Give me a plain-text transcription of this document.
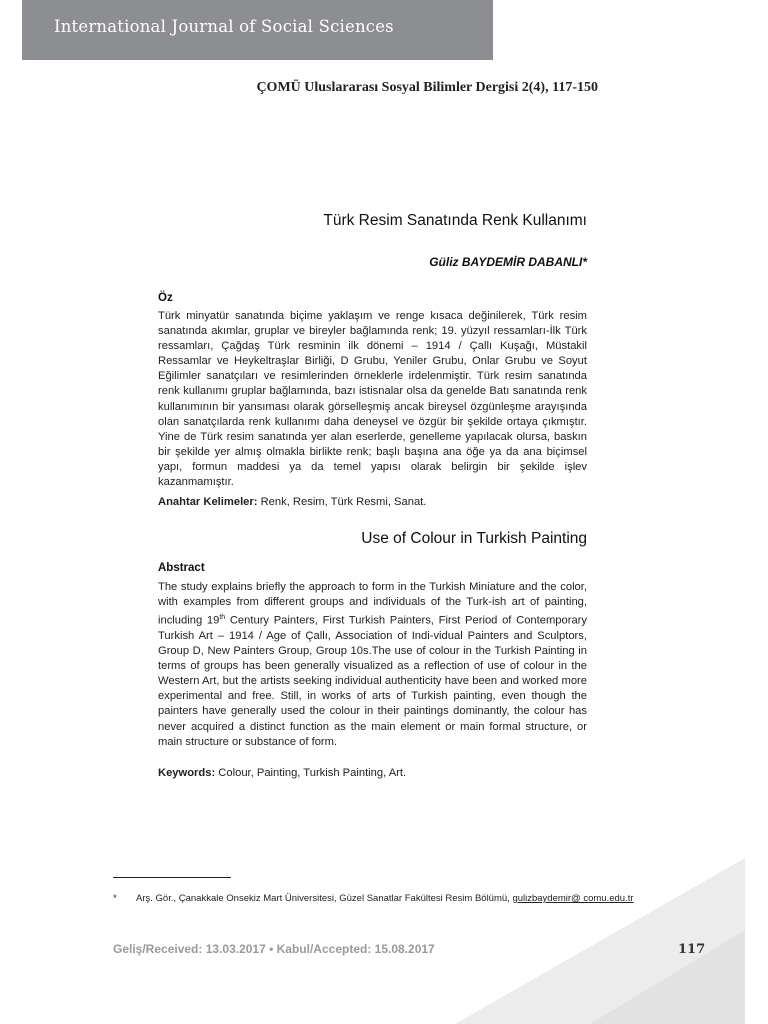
International Journal of Social Sciences
ÇOMÜ Uluslararası Sosyal Bilimler Dergisi 2(4), 117-150
Türk Resim Sanatında Renk Kullanımı
Güliz BAYDEMİR DABANLI*
Öz
Türk minyatür sanatında biçime yaklaşım ve renge kısaca değinilerek, Türk resim sanatında akımlar, gruplar ve bireyler bağlamında renk; 19. yüzyıl ressamları-İlk Türk ressamları, Çağdaş Türk resminin ilk dönemi – 1914 / Çallı Kuşağı, Müstakil Ressamlar ve Heykeltraşlar Birliği, D Grubu, Yeniler Grubu, Onlar Grubu ve Soyut Eğilimler sanatçıları ve resimlerinden örneklerle irdelenmiştir. Türk resim sanatında renk kullanımı gruplar bağlamında, bazı istisnalar olsa da genelde Batı sanatında renk kullanımının bir yansıması olarak görselleşmiş ancak bireysel özgünleşme arayışında olan sanatçılarda renk kullanımı daha deneysel ve özgür bir şekilde ortaya çıkmıştır. Yine de Türk resim sanatında yer alan eserlerde, genelleme yapılacak olursa, baskın bir şekilde yer almış olmakla birlikte renk; başlı başına ana öğe ya da ana biçimsel yapı, formun maddesi ya da temel yapısı olarak belirgin bir şekilde işlev kazanmamıştır.
Anahtar Kelimeler: Renk, Resim, Türk Resmi, Sanat.
Use of Colour in Turkish Painting
Abstract
The study explains briefly the approach to form in the Turkish Miniature and the color, with examples from different groups and individuals of the Turk-ish art of painting, including 19th Century Painters, First Turkish Painters, First Period of Contemporary Turkish Art – 1914 / Age of Çallı, Association of Indi-vidual Painters and Sculptors, Group D, New Painters Group, Group 10s.The use of colour in the Turkish Painting in terms of groups has been generally visualized as a reflection of use of colour in the Western Art, but the artists seeking individual authenticity have been and worked more experimental and free. Still, in works of arts of Turkish painting, even though the painters have generally used the colour in their paintings dominantly, the colour has never acquired a distinct function as the main element or main formal structure, or main structure or substance of form.
Keywords: Colour, Painting, Turkish Painting, Art.
* Arş. Gör., Çanakkale Onsekiz Mart Üniversitesi, Güzel Sanatlar Fakültesi Resim Bölümü, gulizbaydemir@ comu.edu.tr
Geliş/Received: 13.03.2017 • Kabul/Accepted: 15.08.2017	117
